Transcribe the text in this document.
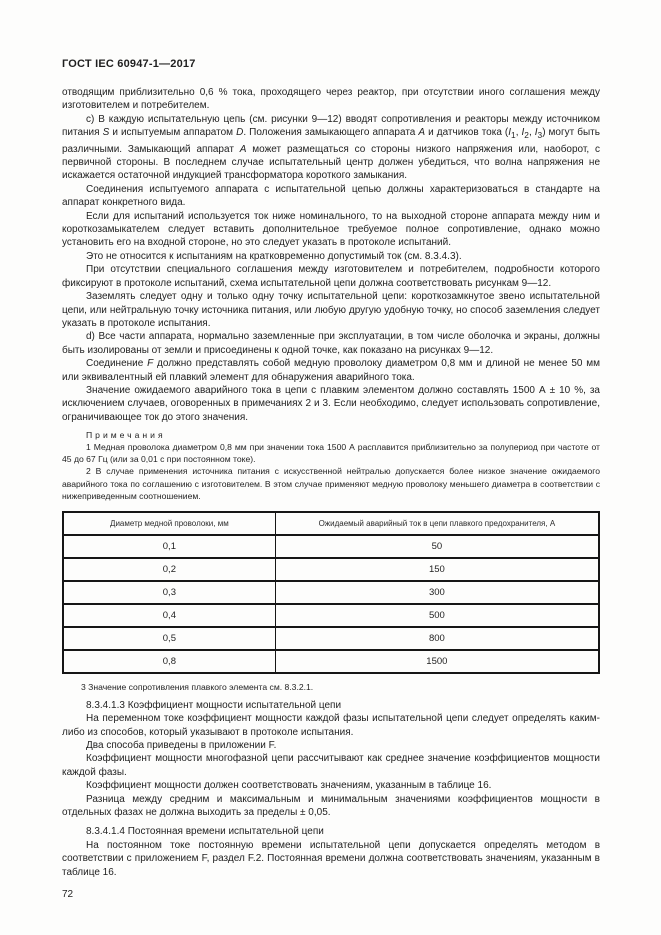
ГОСТ IEC 60947-1—2017
отводящим приблизительно 0,6 % тока, проходящего через реактор, при отсутствии иного соглашения между изготовителем и потребителем.
c) В каждую испытательную цепь (см. рисунки 9—12) вводят сопротивления и реакторы между источником питания S и испытуемым аппаратом D. Положения замыкающего аппарата A и датчиков тока ($I_1$, $I_2$, $I_3$) могут быть различными. Замыкающий аппарат A может размещаться со стороны низкого напряжения или, наоборот, с первичной стороны. В последнем случае испытательный центр должен убедиться, что волна напряжения не искажается остаточной индукцией трансформатора короткого замыкания.
Соединения испытуемого аппарата с испытательной цепью должны характеризоваться в стандарте на аппарат конкретного вида.
Если для испытаний используется ток ниже номинального, то на выходной стороне аппарата между ним и короткозамыкателем следует вставить дополнительное требуемое полное сопротивление, однако можно установить его на входной стороне, но это следует указать в протоколе испытаний.
Это не относится к испытаниям на кратковременно допустимый ток (см. 8.3.4.3).
При отсутствии специального соглашения между изготовителем и потребителем, подробности которого фиксируют в протоколе испытаний, схема испытательной цепи должна соответствовать рисункам 9—12.
Заземлять следует одну и только одну точку испытательной цепи: короткозамкнутое звено испытательной цепи, или нейтральную точку источника питания, или любую другую удобную точку, но способ заземления следует указать в протоколе испытания.
d) Все части аппарата, нормально заземленные при эксплуатации, в том числе оболочка и экраны, должны быть изолированы от земли и присоединены к одной точке, как показано на рисунках 9—12.
Соединение F должно представлять собой медную проволоку диаметром 0,8 мм и длиной не менее 50 мм или эквивалентный ей плавкий элемент для обнаружения аварийного тока.
Значение ожидаемого аварийного тока в цепи с плавким элементом должно составлять 1500 А ± 10 %, за исключением случаев, оговоренных в примечаниях 2 и 3. Если необходимо, следует использовать сопротивление, ограничивающее ток до этого значения.
Примечания
1 Медная проволока диаметром 0,8 мм при значении тока 1500 А расплавится приблизительно за полупериод при частоте от 45 до 67 Гц (или за 0,01 с при постоянном токе).
2 В случае применения источника питания с искусственной нейтралью допускается более низкое значение ожидаемого аварийного тока по соглашению с изготовителем. В этом случае применяют медную проволоку меньшего диаметра в соответствии с нижеприведенным соотношением.
Диаметр медной проволоки, мм	Ожидаемый аварийный ток в цепи плавкого предохранителя, А
0,1	50
0,2	150
0,3	300
0,4	500
0,5	800
0,8	1500
3 Значение сопротивления плавкого элемента см. 8.3.2.1.
8.3.4.1.3 Коэффициент мощности испытательной цепи
На переменном токе коэффициент мощности каждой фазы испытательной цепи следует определять каким-либо из способов, который указывают в протоколе испытания.
Два способа приведены в приложении F.
Коэффициент мощности многофазной цепи рассчитывают как среднее значение коэффициентов мощности каждой фазы.
Коэффициент мощности должен соответствовать значениям, указанным в таблице 16.
Разница между средним и максимальным и минимальным значениями коэффициентов мощности в отдельных фазах не должна выходить за пределы ± 0,05.
8.3.4.1.4 Постоянная времени испытательной цепи
На постоянном токе постоянную времени испытательной цепи допускается определять методом в соответствии с приложением F, раздел F.2. Постоянная времени должна соответствовать значениям, указанным в таблице 16.
72
